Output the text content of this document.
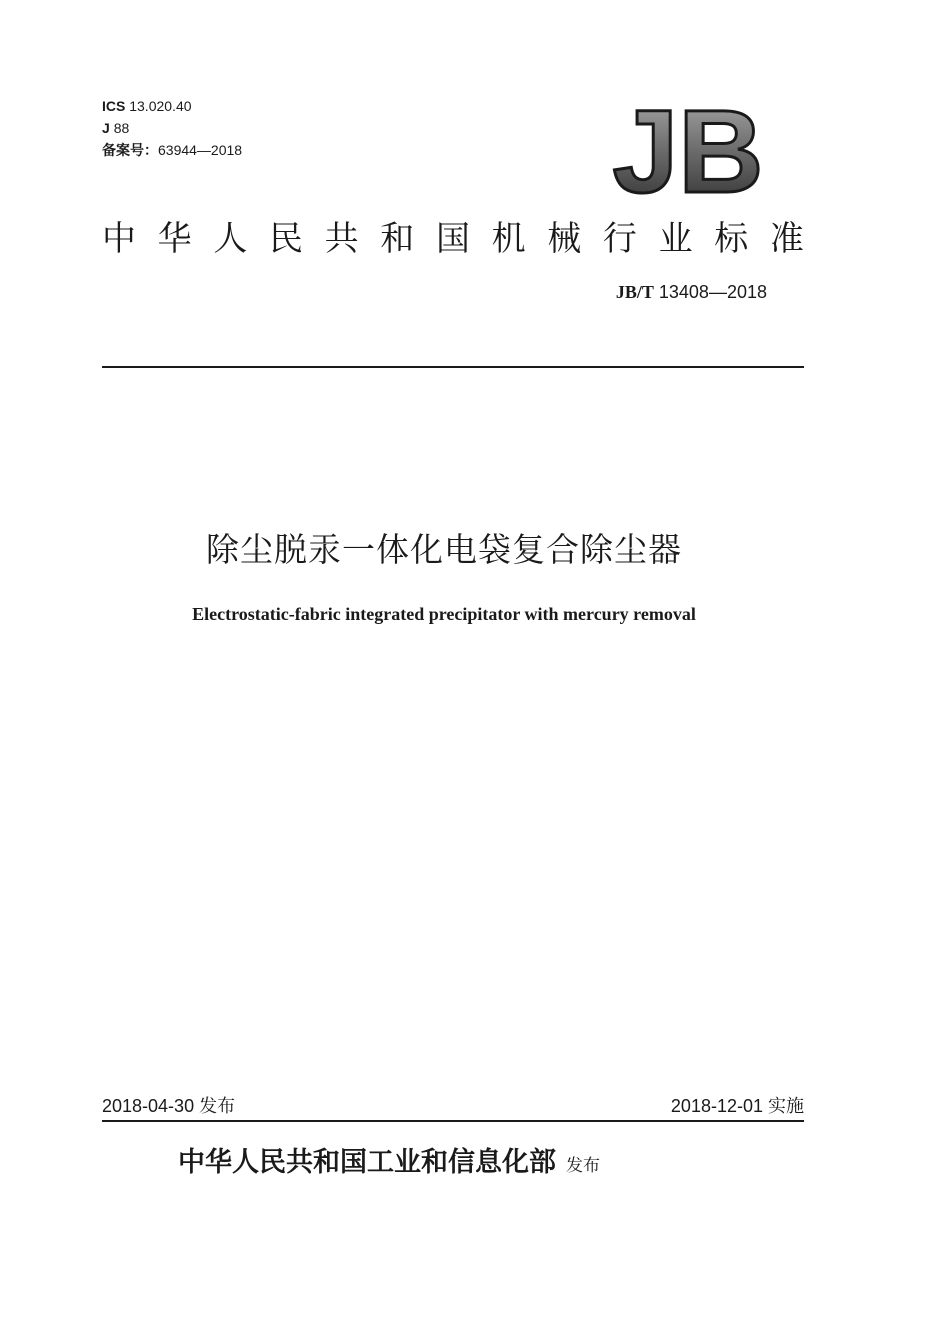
ICS 13.020.40
J 88
备案号：63944—2018	JB
中 华 人 民 共 和 国 机 械 行 业 标 准
JB/T 13408—2018
除尘脱汞一体化电袋复合除尘器
Electrostatic-fabric integrated precipitator with mercury removal
2018-04-30 发布	2018-12-01 实施
中华人民共和国工业和信息化部 发布
